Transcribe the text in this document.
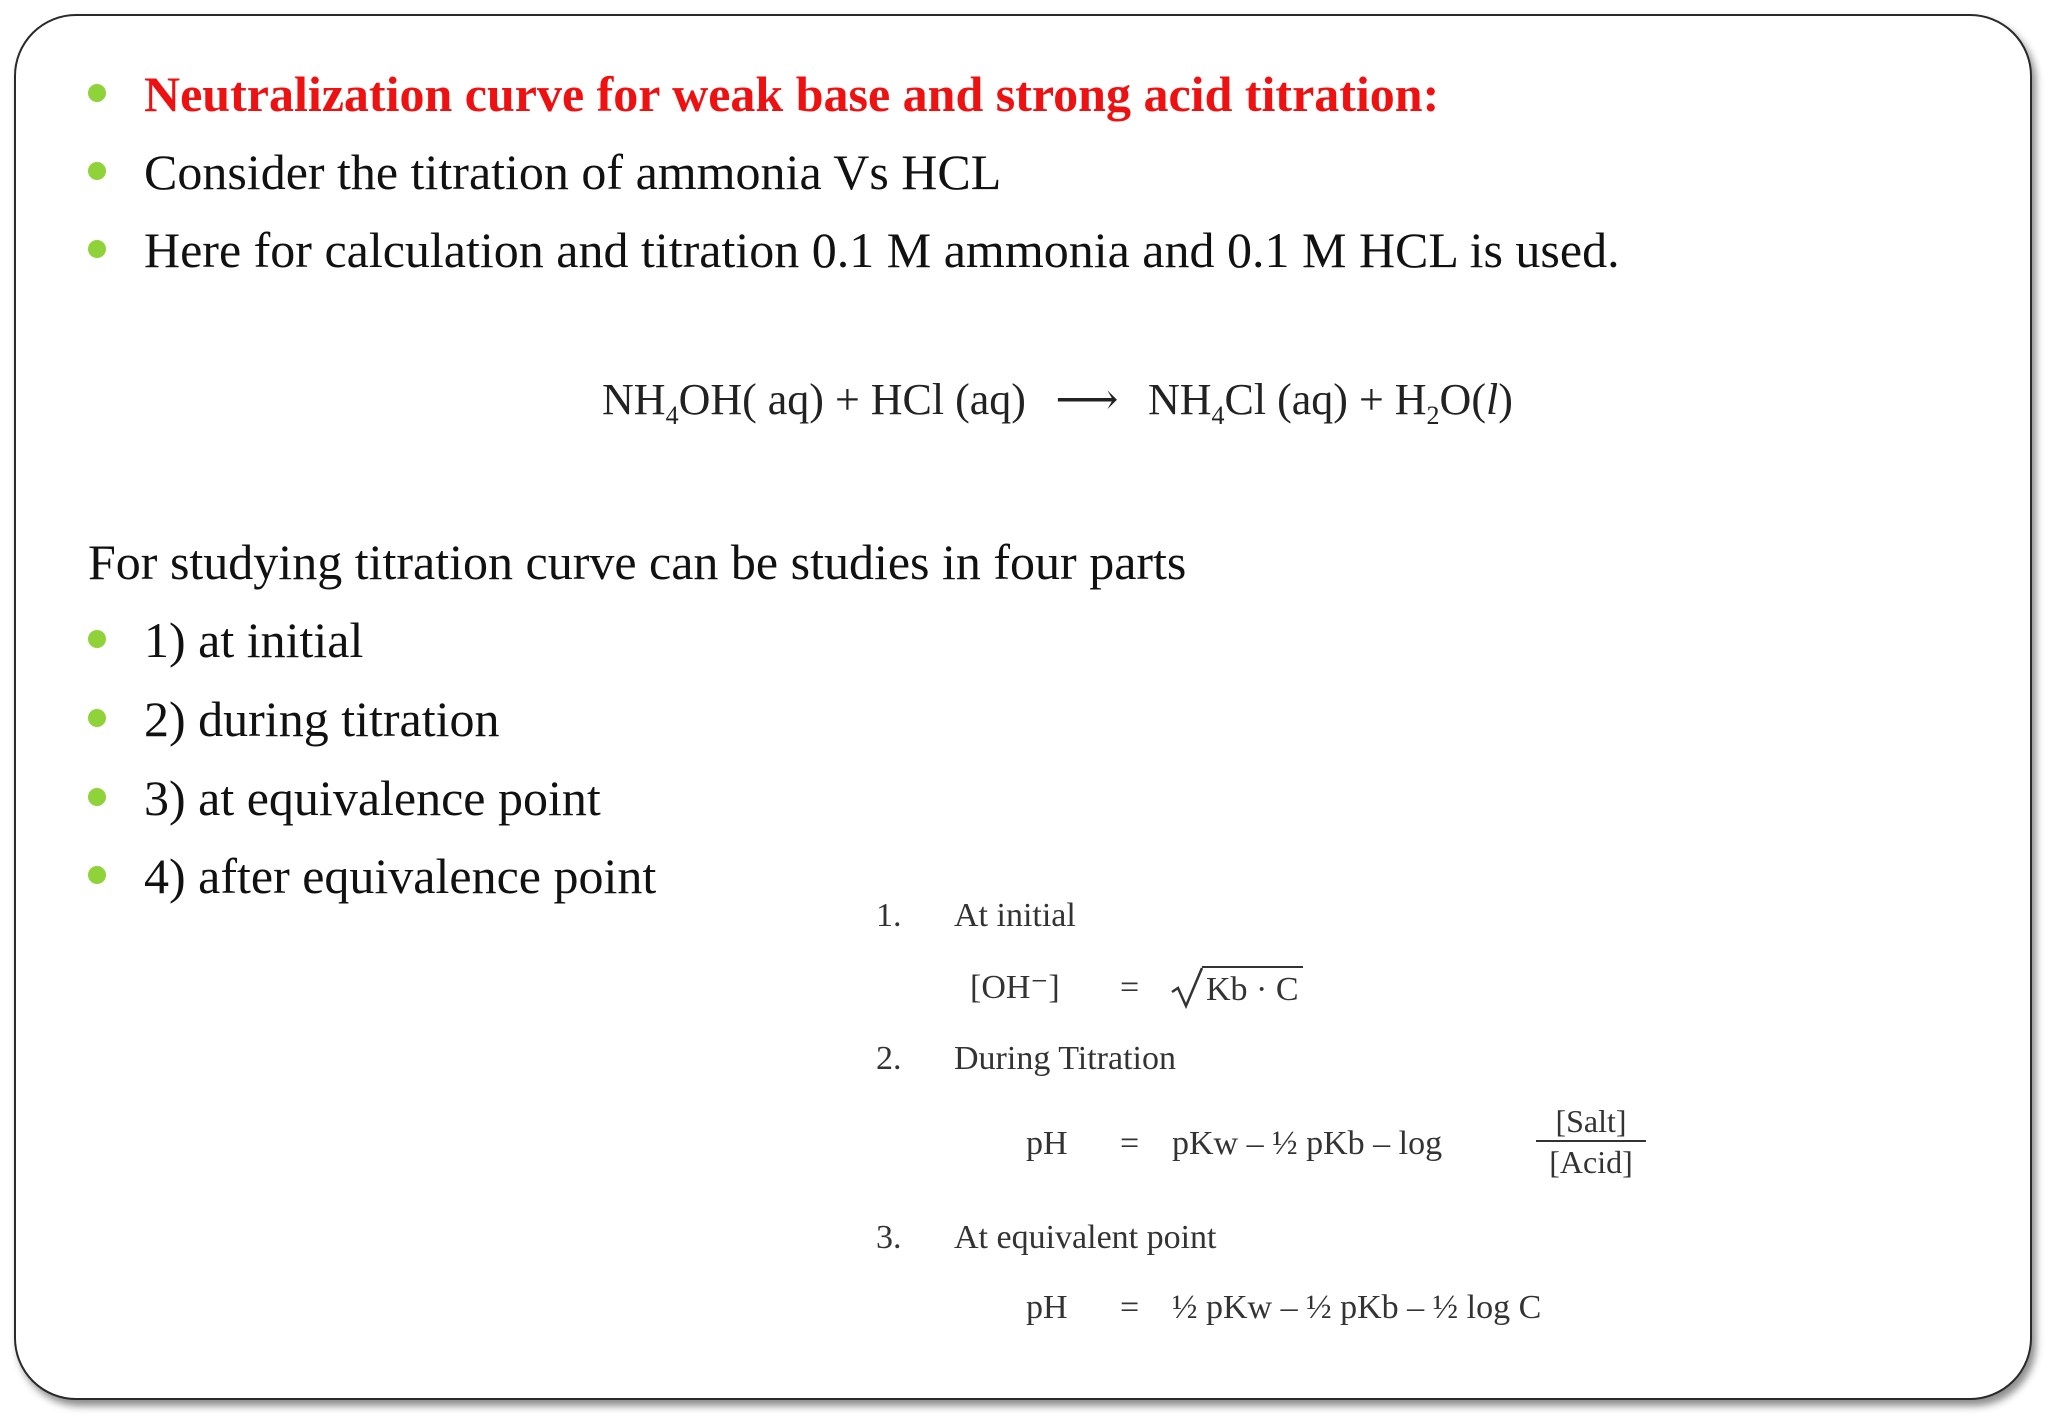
Neutralization curve for weak base and strong acid titration:
Consider the titration of ammonia Vs HCL
Here for calculation and titration 0.1 M ammonia and 0.1 M HCL is used.
$NH_4OH$( aq) + HCl (aq) ⟶ $NH_4Cl$ $(aq) + H_2O(l)$
For studying titration curve can be studies in four parts
1) at initial
2) during titration
3) at equivalence point
4) after equivalence point
1. At initial
[OH⁻] = Kb · C
2. During Titration
pH = pKw – ½ pKb – log
[Salt]
[Acid]
3. At equivalent point
pH = ½ pKw – ½ pKb – ½ log C
